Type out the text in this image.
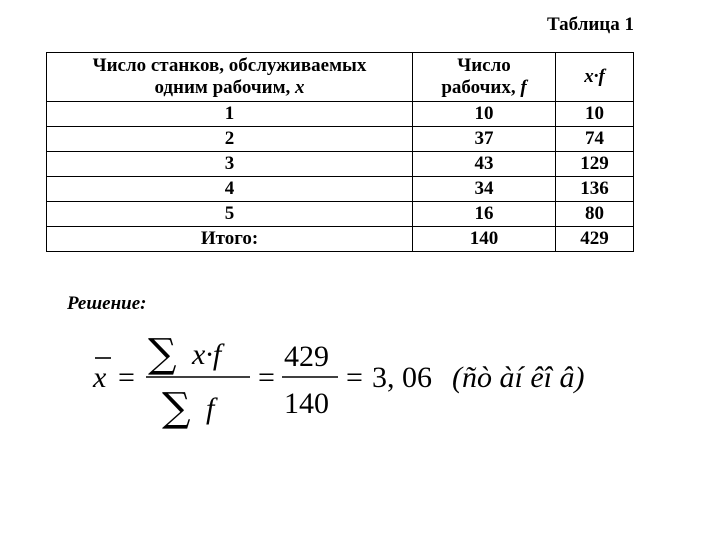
Таблица 1
Число станков, обслуживаемых
одним рабочим, x	Число
рабочих, f	x·f
1	10	10
2	37	74
3	43	129
4	34	136
5	16	80
Итого:	140	429
Решение:
x =
∑ x·f
∑ f
=
429
140
= 3, 06 (ñò àí êî â)
